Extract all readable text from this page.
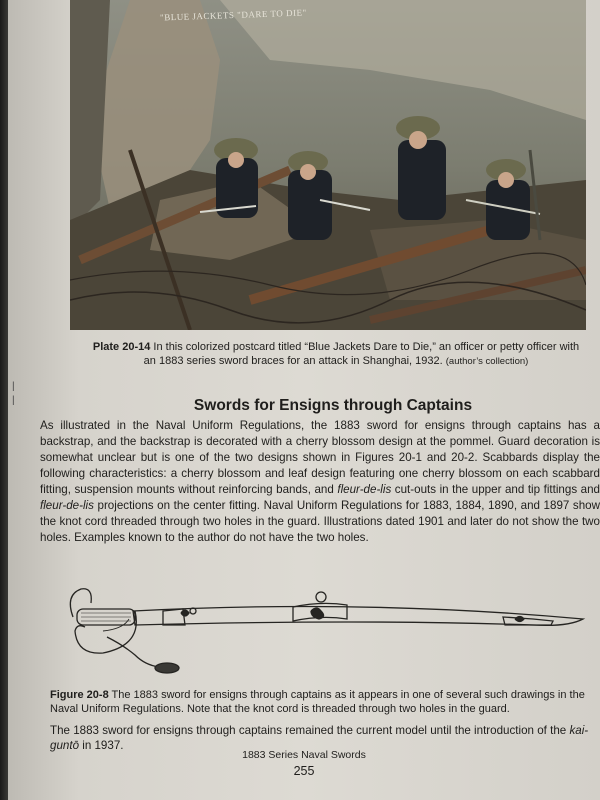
"BLUE JACKETS "DARE TO DIE"
Plate 20-14 In this colorized postcard titled “Blue Jackets Dare to Die,” an officer or petty officer with an 1883 series sword braces for an attack in Shanghai, 1932. (author’s collection)
|
|	Swords for Ensigns through Captains

As illustrated in the Naval Uniform Regulations, the 1883 sword for ensigns through captains has a backstrap, and the backstrap is decorated with a cherry blossom design at the pommel. Guard decoration is somewhat unclear but is one of the two designs shown in Figures 20-1 and 20-2. Scabbards display the following characteristics: a cherry blossom and leaf design featuring one cherry blossom on each scabbard fitting, suspension mounts without reinforcing bands, and fleur-de-lis cut-outs in the upper and tip fittings and fleur-de-lis projections on the center fitting. Naval Uniform Regulations for 1883, 1884, 1890, and 1897 show the knot cord threaded through two holes in the guard. Illustrations dated 1901 and later do not show the two holes. Examples known to the author do not have the two holes.

Figure 20-8 The 1883 sword for ensigns through captains as it appears in one of several such drawings in the Naval Uniform Regulations. Note that the knot cord is threaded through two holes in the guard.

The 1883 sword for ensigns through captains remained the current model until the introduction of the kai-guntō in 1937.

1883 Series Naval Swords
255
